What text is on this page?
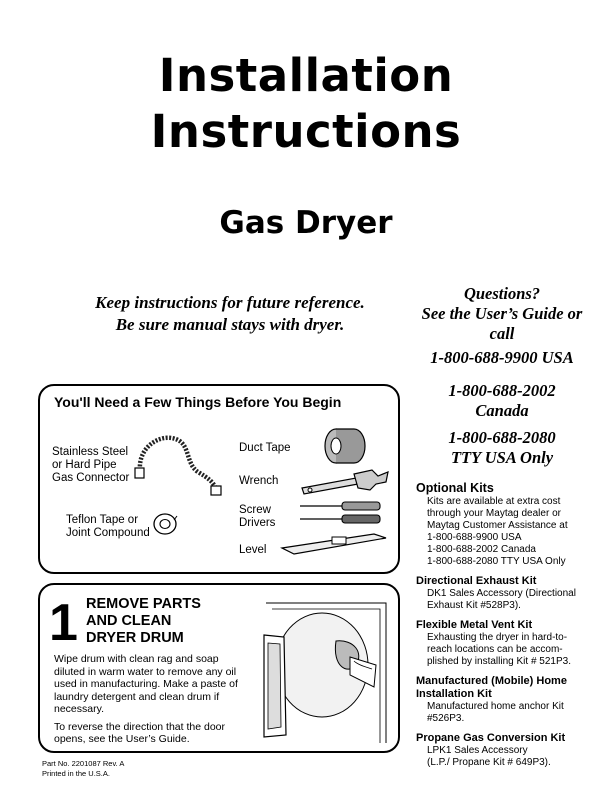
Installation
Instructions
Gas Dryer
Keep instructions for future reference.
Be sure manual stays with dryer.
Questions?
See the User’s Guide or
call
1-800-688-9900 USA
1-800-688-2002
Canada
1-800-688-2080
TTY USA Only
You'll Need a Few Things Before You Begin
Stainless Steel
or Hard Pipe
Gas Connector
Teflon Tape or
Joint Compound
Duct Tape
Wrench
Screw
Drivers
Level
1 REMOVE PARTS
AND CLEAN
DRYER DRUM

Wipe drum with clean rag and soap diluted in warm water to remove any oil used in manufacturing. Make a paste of laundry detergent and clean drum if necessary.

To reverse the direction that the door opens, see the User’s Guide.

Optional Kits
Kits are available at extra cost
through your Maytag dealer or
Maytag Customer Assistance at
1-800-688-9900 USA
1-800-688-2002 Canada
1-800-688-2080 TTY USA Only
Directional Exhaust Kit
DK1 Sales Accessory (Directional
Exhaust Kit #528P3).
Flexible Metal Vent Kit
Exhausting the dryer in hard-to-
reach locations can be accom-
plished by installing Kit # 521P3.
Manufactured (Mobile) Home
Installation Kit
Manufactured home anchor Kit
#526P3.
Propane Gas Conversion Kit
LPK1 Sales Accessory
(L.P./ Propane Kit # 649P3).
Part No. 2201087 Rev. A
Printed in the U.S.A.
